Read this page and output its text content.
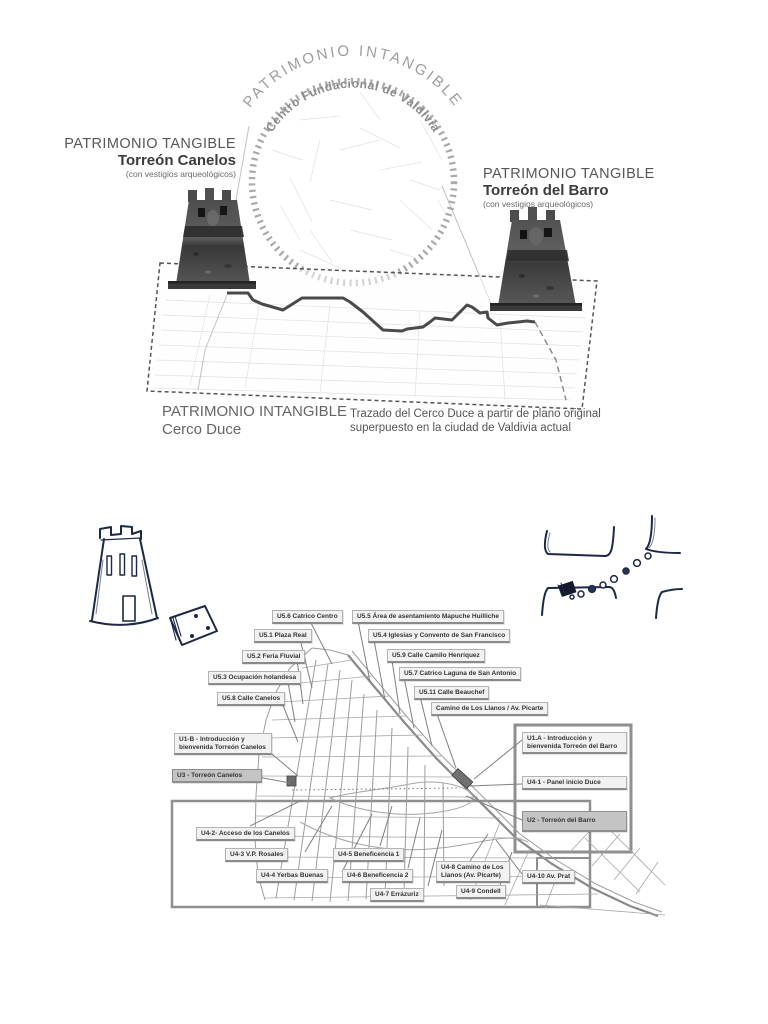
PATRIMONIO INTANGIBLE
Centro Fundacional de Valdivia
PATRIMONIO TANGIBLE
Torreón Canelos
(con vestigios arqueológicos)	PATRIMONIO TANGIBLE
Torreón del Barro
(con vestigios arqueológicos)
PATRIMONIO INTANGIBLE
Cerco Duce
Trazado del Cerco Duce a partir de plano original superpuesto en la ciudad de Valdivia actual
U5.6 Catrico Centro
U5.1 Plaza Real
U5.2 Feria Fluvial
U5.3 Ocupación holandesa
U5.8 Calle Canelos
U5.5 Área de asentamiento Mapuche Huilliche
U5.4 Iglesias y Convento de San Francisco
U5.9 Calle Camilo Henríquez
U5.7 Catrico Laguna de San Antonio
U5.11 Calle Beauchef
Camino de Los Llanos / Av. Picarte
U1-B - Introducción y bienvenida Torreón Canelos
U3 - Torreón Canelos
U1.A - Introducción y bienvenida Torreón del Barro
U4-1 - Panel inicio Duce
U2 - Torreón del Barro
U4-2- Acceso de los Canelos
U4-3 V.P. Rosales
U4-4 Yerbas Buenas
U4-5 Beneficencia 1
U4-6 Beneficencia 2
U4-7 Errázuriz
U4-8 Camino de Los Llanos (Av. Picarte)
U4-9 Condell
U4-10 Av. Prat
